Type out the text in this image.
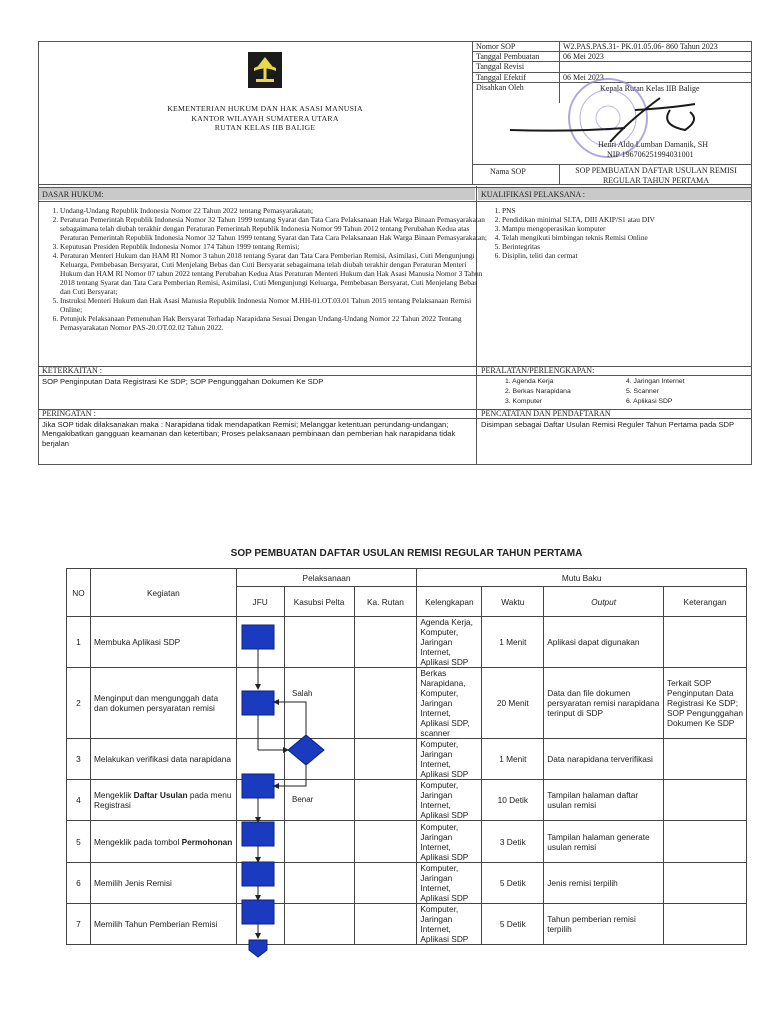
KEMENTERIAN HUKUM DAN HAK ASASI MANUSIA
KANTOR WILAYAH SUMATERA UTARA
RUTAN KELAS IIB BALIGE
Nomor SOP	W2.PAS.PAS.31- PK.01.05.06- 860 Tahun 2023
Tanggal Pembuatan	06 Mei 2023
Tanggal Revisi
Tanggal Efektif	06 Mei 2023
Disahkan Oleh	Kepala Rutan Kelas IIB Balige
Henri Aldo Lumban Damanik, SH
NIP 196706251994031001
Nama SOP	SOP PEMBUATAN DAFTAR USULAN REMISI REGULAR TAHUN PERTAMA
DASAR HUKUM:	KUALIFIKASI PELAKSANA :
1. Undang-Undang Republik Indonesia Nomor 22 Tahun 2022 tentang Pemasyarakatan;
2. Peraturan Pemerintah Republik Indonesia Nomor 32 Tahun 1999 tentang Syarat dan Tata Cara Pelaksanaan Hak Warga Binaan Pemasyarakatan sebagaimana telah diubah terakhir dengan Peraturan Pemerintah Republik Indonesia Nomor 99 Tahun 2012 tentang Perubahan Kedua atas Peraturan Pemerintah Republik Indonesia Nomor 32 Tahun 1999 tentang Syarat dan Tata Cara Pelaksanaan Hak Warga Binaan Pemasyarakatan;
3. Keputusan Presiden Republik Indonesia Nomor 174 Tahun 1999 tentang Remisi;
4. Peraturan Menteri Hukum dan HAM RI Nomor 3 tahun 2018 tentang Syarat dan Tata Cara Pemberian Remisi, Asimilasi, Cuti Mengunjungi Keluarga, Pembebasan Bersyarat, Cuti Menjelang Bebas dan Cuti Bersyarat sebagaimana telah diubah terakhir dengan Peraturan Menteri Hukum dan HAM RI Nomor 07 tahun 2022 tentang Perubahan Kedua Atas Peraturan Menteri Hukum dan Hak Asasi Manusia Nomor 3 Tahun 2018 tentang Syarat dan Tata Cara Pemberian Remisi, Asimilasi, Cuti Mengunjungi Keluarga, Pembebasan Bersyarat, Cuti Menjelang Bebas dan Cuti Bersyarat;
5. Instruksi Menteri Hukum dan Hak Asasi Manusia Republik Indonesia Nomor M.HH-01.OT.03.01 Tahun 2015 tentang Pelaksanaan Remisi Online;
6. Petunjuk Pelaksanaan Pemenuhan Hak Bersyarat Terhadap Narapidana Sesuai Dengan Undang-Undang Nomor 22 Tahun 2022 Tentang Pemasyarakatan Nomor PAS-20.OT.02.02 Tahun 2022.
1. PNS
2. Pendidikan minimal SLTA, DIII AKIP/S1 atau DIV
3. Mampu mengoperasikan komputer
4. Telah mengikuti bimbingan teknis Remisi Online
5. Berintegritas
6. Disiplin, teliti dan cermat
KETERKAITAN :
SOP Penginputan Data Registrasi Ke SDP; SOP Pengunggahan Dokumen Ke SDP
PERALATAN/PERLENGKAPAN:
1. Agenda Kerja
2. Berkas Narapidana
3. Komputer
4. Jaringan Internet
5. Scanner
6. Aplikasi SDP
PERINGATAN :
Jika SOP tidak dilaksanakan maka : Narapidana tidak mendapatkan Remisi; Melanggar ketentuan perundang-undangan; Mengakibatkan gangguan keamanan dan ketertiban; Proses pelaksanaan pembinaan dan pemberian hak narapidana tidak berjalan
PENCATATAN DAN PENDAFTARAN
Disimpan sebagai Daftar Usulan Remisi Reguler Tahun Pertama pada SDP
SOP PEMBUATAN DAFTAR USULAN REMISI REGULAR TAHUN PERTAMA
NO	Kegiatan	Pelaksanaan			Mutu Baku			
		JFU	Kasubsi Pelta	Ka. Rutan	Kelengkapan	Waktu	Output	Keterangan
1	Membuka Aplikasi SDP				Agenda Kerja, Komputer, Jaringan Internet, Aplikasi SDP	1 Menit	Aplikasi dapat digunakan	
2	Menginput dan mengunggah data dan dokumen persyaratan remisi				Berkas Narapidana, Komputer, Jaringan Internet, Aplikasi SDP, scanner	20 Menit	Data dan file dokumen persyaratan remisi narapidana terinput di SDP	Terkait SOP Penginputan Data Registrasi Ke SDP; SOP Pengunggahan Dokumen Ke SDP
3	Melakukan verifikasi data narapidana				Komputer, Jaringan Internet, Aplikasi SDP	1 Menit	Data narapidana terverifikasi	
4	Mengeklik Daftar Usulan pada menu Registrasi				Komputer, Jaringan Internet, Aplikasi SDP	10 Detik	Tampilan halaman daftar usulan remisi	
5	Mengeklik pada tombol Permohonan				Komputer, Jaringan Internet, Aplikasi SDP	3 Detik	Tampilan halaman generate usulan remisi	
6	Memilih Jenis Remisi				Komputer, Jaringan Internet, Aplikasi SDP	5 Detik	Jenis remisi terpilih	
7	Memilih Tahun Pemberian Remisi				Komputer, Jaringan Internet, Aplikasi SDP	5 Detik	Tahun pemberian remisi terpilih	
Salah
Benar
